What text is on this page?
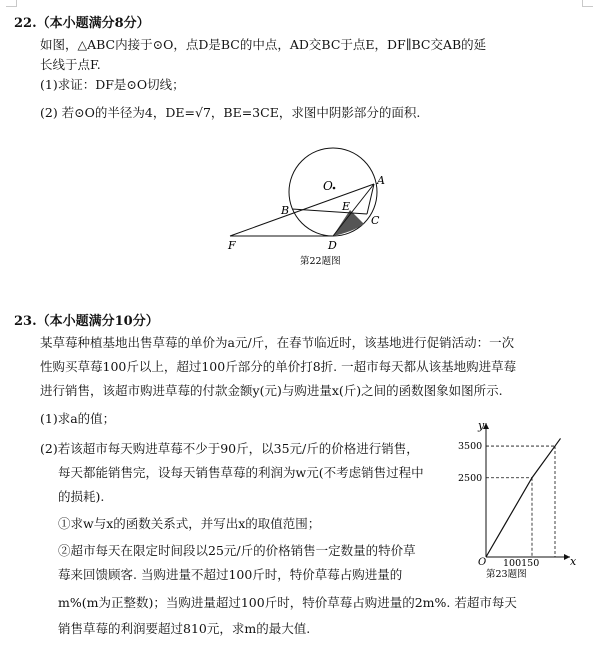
22.（本小题满分8分）
如图，△ABC内接于⊙O，点D是BC的中点，AD交BC于点E，DF∥BC交AB的延
长线于点F.
(1)求证：DF是⊙O切线；
(2) 若⊙O的半径为4，DE=√7，BE=3CE，求图中阴影部分的面积.
O	A
B
C
E
D
F
第22题图
23.（本小题满分10分）
某草莓种植基地出售草莓的单价为a元/斤，在春节临近时，该基地进行促销活动：一次
性购买草莓100斤以上，超过100斤部分的单价打8折. 一超市每天都从该基地购进草莓
进行销售，该超市购进草莓的付款金额y(元)与购进量x(斤)之间的函数图象如图所示.
(1)求a的值；
(2)若该超市每天购进草莓不少于90斤，以35元/斤的价格进行销售，
每天都能销售完，设每天销售草莓的利润为w元(不考虑销售过程中
的损耗).
①求w与x的函数关系式，并写出x的取值范围；
②超市每天在限定时间段以25元/斤的价格销售一定数量的特价草
莓来回馈顾客. 当购进量不超过100斤时，特价草莓占购进量的
m%(m为正整数)；当购进量超过100斤时，特价草莓占购进量的2m%. 若超市每天
销售草莓的利润要超过810元，求m的最大值.
y
x
O
2500
3500
100150
第23题图
